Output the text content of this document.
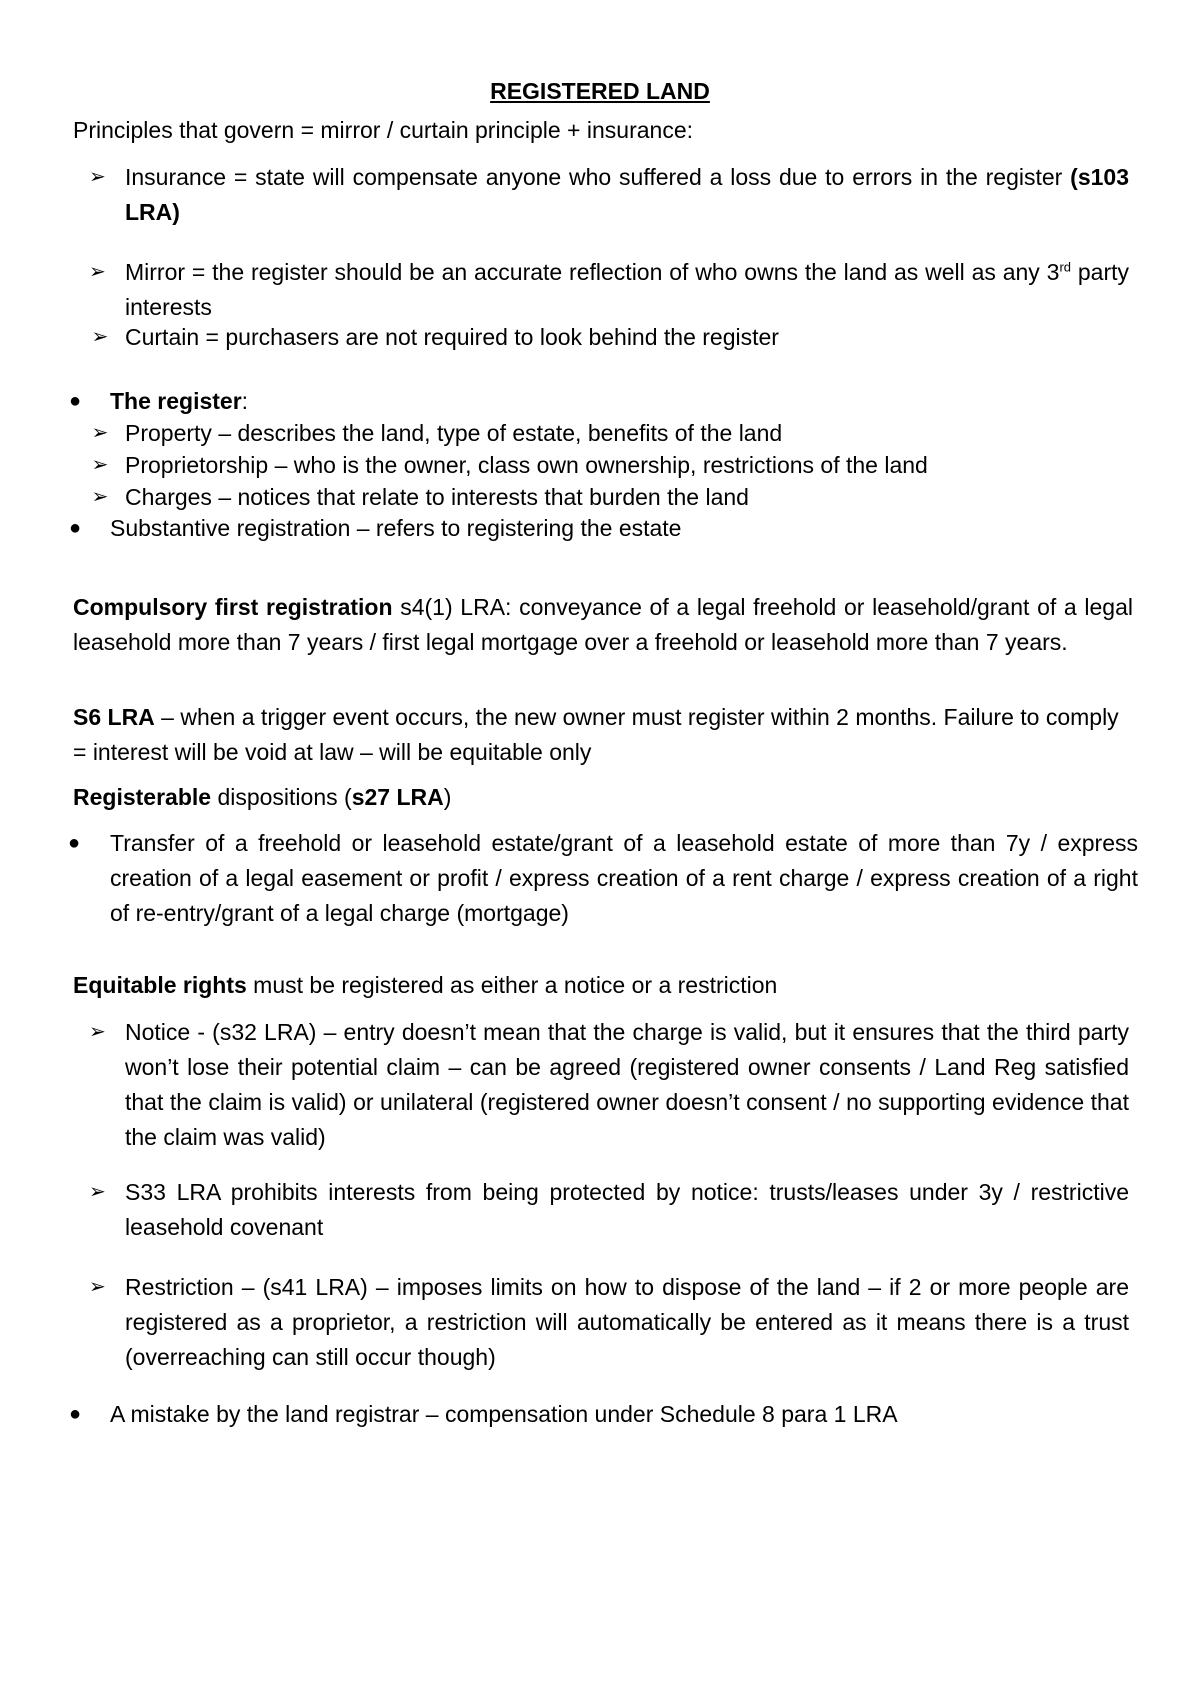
REGISTERED LAND

Principles that govern = mirror / curtain principle + insurance:

➢ Insurance = state will compensate anyone who suffered a loss due to errors in the register (s103 LRA)
➢ Mirror = the register should be an accurate reflection of who owns the land as well as any 3rd party interests
➢ Curtain = purchasers are not required to look behind the register
● The register:
➢ Property – describes the land, type of estate, benefits of the land
➢ Proprietorship – who is the owner, class own ownership, restrictions of the land
➢ Charges – notices that relate to interests that burden the land
● Substantive registration – refers to registering the estate

Compulsory first registration s4(1) LRA: conveyance of a legal freehold or leasehold/grant of a legal leasehold more than 7 years / first legal mortgage over a freehold or leasehold more than 7 years.

S6 LRA – when a trigger event occurs, the new owner must register within 2 months. Failure to comply = interest will be void at law – will be equitable only

Registerable dispositions (s27 LRA)

● Transfer of a freehold or leasehold estate/grant of a leasehold estate of more than 7y / express creation of a legal easement or profit / express creation of a rent charge / express creation of a right of re-entry/grant of a legal charge (mortgage)

Equitable rights must be registered as either a notice or a restriction

➢ Notice - (s32 LRA) – entry doesn’t mean that the charge is valid, but it ensures that the third party won’t lose their potential claim – can be agreed (registered owner consents / Land Reg satisfied that the claim is valid) or unilateral (registered owner doesn’t consent / no supporting evidence that the claim was valid)
➢ S33 LRA prohibits interests from being protected by notice: trusts/leases under 3y / restrictive leasehold covenant
➢ Restriction – (s41 LRA) – imposes limits on how to dispose of the land – if 2 or more people are registered as a proprietor, a restriction will automatically be entered as it means there is a trust (overreaching can still occur though)
● A mistake by the land registrar – compensation under Schedule 8 para 1 LRA
